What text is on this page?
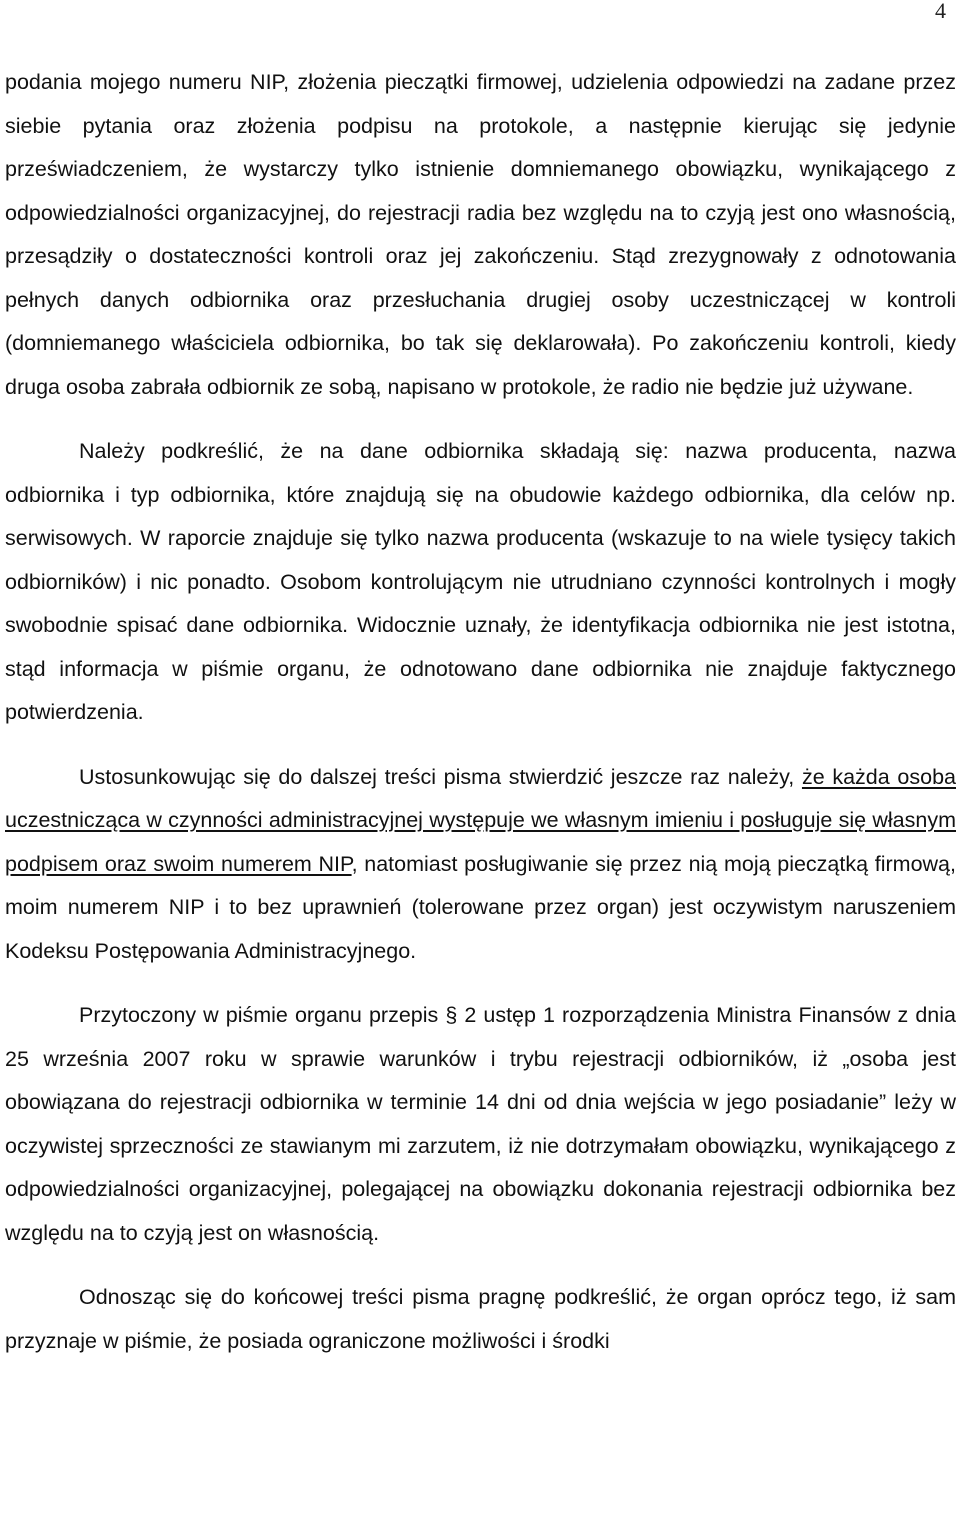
4

podania mojego numeru NIP, złożenia pieczątki firmowej, udzielenia odpowiedzi na zadane przez siebie pytania oraz złożenia podpisu na protokole, a następnie kierując się jedynie przeświadczeniem, że wystarczy tylko istnienie domniemanego obowiązku, wynikającego z odpowiedzialności organizacyjnej, do rejestracji radia bez względu na to czyją jest ono własnością, przesądziły o dostateczności kontroli oraz jej zakończeniu. Stąd zrezygnowały z odnotowania pełnych danych odbiornika oraz przesłuchania drugiej osoby uczestniczącej w kontroli (domniemanego właściciela odbiornika, bo tak się deklarowała). Po zakończeniu kontroli, kiedy druga osoba zabrała odbiornik ze sobą, napisano w protokole, że radio nie będzie już używane.

Należy podkreślić, że na dane odbiornika składają się: nazwa producenta, nazwa odbiornika i typ odbiornika, które znajdują się na obudowie każdego odbiornika, dla celów np. serwisowych. W raporcie znajduje się tylko nazwa producenta (wskazuje to na wiele tysięcy takich odbiorników) i nic ponadto. Osobom kontrolującym nie utrudniano czynności kontrolnych i mogły swobodnie spisać dane odbiornika. Widocznie uznały, że identyfikacja odbiornika nie jest istotna, stąd informacja w piśmie organu, że odnotowano dane odbiornika nie znajduje faktycznego potwierdzenia.

Ustosunkowując się do dalszej treści pisma stwierdzić jeszcze raz należy, że każda osoba uczestnicząca w czynności administracyjnej występuje we własnym imieniu i posługuje się własnym podpisem oraz swoim numerem NIP, natomiast posługiwanie się przez nią moją pieczątką firmową, moim numerem NIP i to bez uprawnień (tolerowane przez organ) jest oczywistym naruszeniem Kodeksu Postępowania Administracyjnego.

Przytoczony w piśmie organu przepis § 2 ustęp 1 rozporządzenia Ministra Finansów z dnia 25 września 2007 roku w sprawie warunków i trybu rejestracji odbiorników, iż „osoba jest obowiązana do rejestracji odbiornika w terminie 14 dni od dnia wejścia w jego posiadanie” leży w oczywistej sprzeczności ze stawianym mi zarzutem, iż nie dotrzymałam obowiązku, wynikającego z odpowiedzialności organizacyjnej, polegającej na obowiązku dokonania rejestracji odbiornika bez względu na to czyją jest on własnością.

Odnosząc się do końcowej treści pisma pragnę podkreślić, że organ oprócz tego, iż sam przyznaje w piśmie, że posiada ograniczone możliwości i środki
